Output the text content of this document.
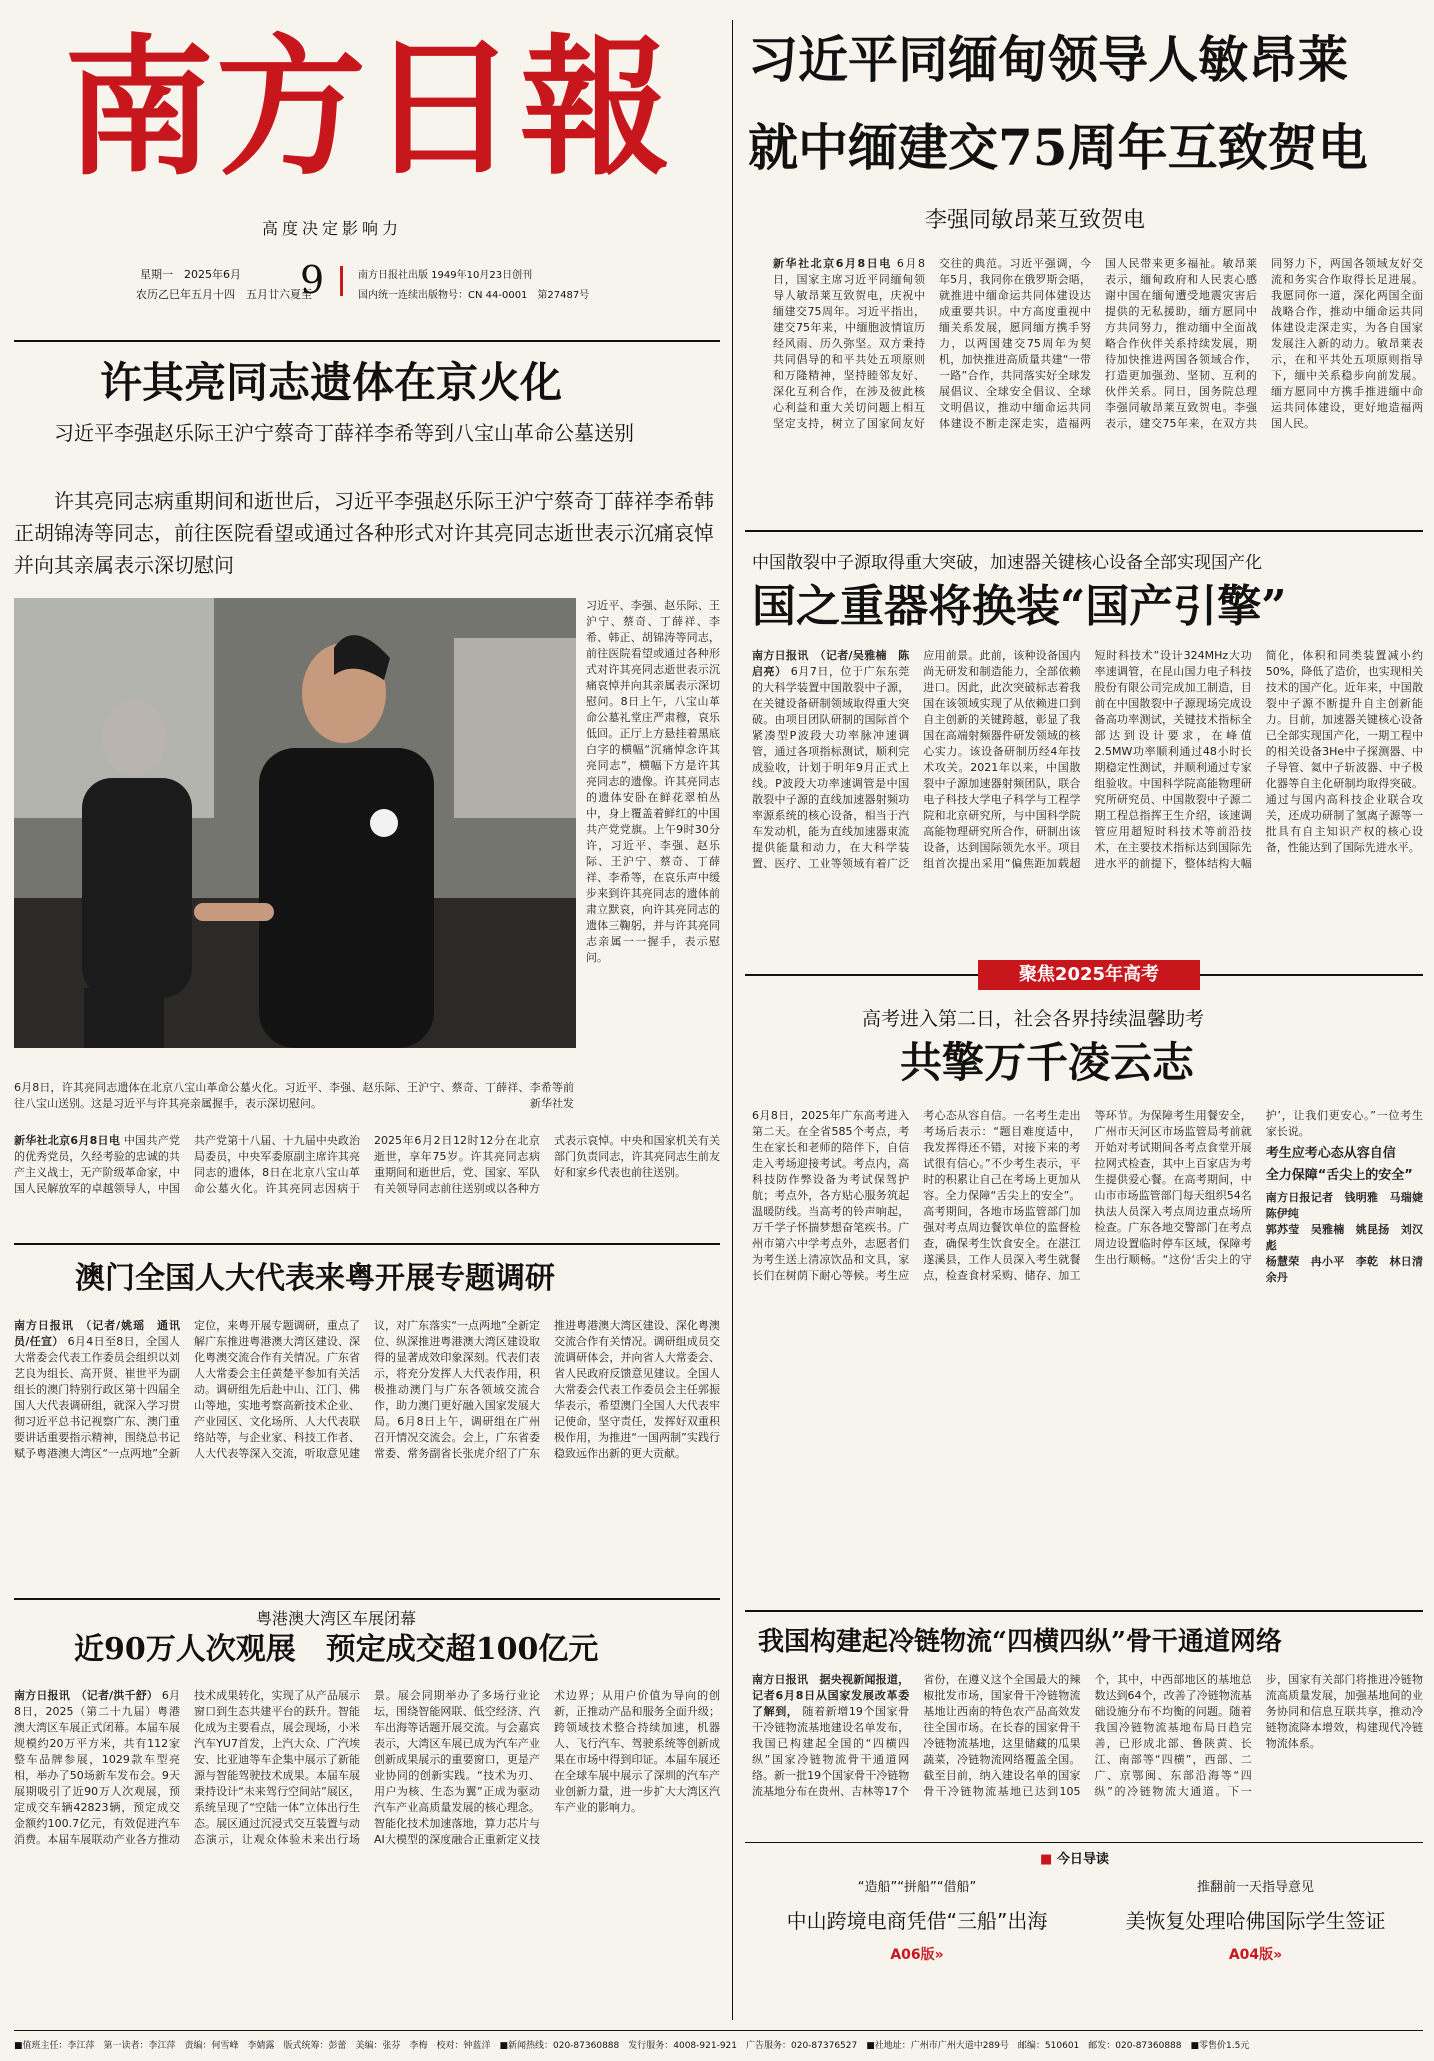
南方日報
高度决定影响力
星期一　2025年6月
农历乙巳年五月十四　五月廿六夏至
9	南方日报社出版 1949年10月23日创刊
国内统一连续出版物号：CN 44-0001　第27487号
习近平同缅甸领导人敏昂莱
就中缅建交75周年互致贺电
李强同敏昂莱互致贺电
新华社北京6月8日电 6月8日，国家主席习近平同缅甸领导人敏昂莱互致贺电，庆祝中缅建交75周年。习近平指出，建交75年来，中缅胞波情谊历经风雨、历久弥坚。双方秉持共同倡导的和平共处五项原则和万隆精神，坚持睦邻友好、深化互利合作，在涉及彼此核心利益和重大关切问题上相互坚定支持，树立了国家间友好交往的典范。习近平强调，今年5月，我同你在俄罗斯会晤，就推进中缅命运共同体建设达成重要共识。中方高度重视中缅关系发展，愿同缅方携手努力，以两国建交75周年为契机，加快推进高质量共建“一带一路”合作，共同落实好全球发展倡议、全球安全倡议、全球文明倡议，推动中缅命运共同体建设不断走深走实，造福两国人民带来更多福祉。敏昂莱表示，缅甸政府和人民衷心感谢中国在缅甸遭受地震灾害后提供的无私援助，缅方愿同中方共同努力，推动缅中全面战略合作伙伴关系持续发展，期待加快推进两国各领域合作，打造更加强劲、坚韧、互利的伙伴关系。同日，国务院总理李强同敏昂莱互致贺电。李强表示，建交75年来，在双方共同努力下，两国各领域友好交流和务实合作取得长足进展。我愿同你一道，深化两国全面战略合作，推动中缅命运共同体建设走深走实，为各自国家发展注入新的动力。敏昂莱表示，在和平共处五项原则指导下，缅中关系稳步向前发展。缅方愿同中方携手推进缅中命运共同体建设，更好地造福两国人民。
许其亮同志遗体在京火化
习近平李强赵乐际王沪宁蔡奇丁薛祥李希等到八宝山革命公墓送别
许其亮同志病重期间和逝世后，习近平李强赵乐际王沪宁蔡奇丁薛祥李希韩正胡锦涛等同志，前往医院看望或通过各种形式对许其亮同志逝世表示沉痛哀悼并向其亲属表示深切慰问
习近平、李强、赵乐际、王沪宁、蔡奇、丁薛祥、李希、韩正、胡锦涛等同志，前往医院看望或通过各种形式对许其亮同志逝世表示沉痛哀悼并向其亲属表示深切慰问。8日上午，八宝山革命公墓礼堂庄严肃穆，哀乐低回。正厅上方悬挂着黑底白字的横幅“沉痛悼念许其亮同志”，横幅下方是许其亮同志的遗像。许其亮同志的遗体安卧在鲜花翠柏丛中，身上覆盖着鲜红的中国共产党党旗。上午9时30分许，习近平、李强、赵乐际、王沪宁、蔡奇、丁薛祥、李希等，在哀乐声中缓步来到许其亮同志的遗体前肃立默哀，向许其亮同志的遗体三鞠躬，并与许其亮同志亲属一一握手，表示慰问。
6月8日，许其亮同志遗体在北京八宝山革命公墓火化。习近平、李强、赵乐际、王沪宁、蔡奇、丁薛祥、李希等前往八宝山送别。这是习近平与许其亮亲属握手，表示深切慰问。	新华社发
新华社北京6月8日电 中国共产党的优秀党员，久经考验的忠诚的共产主义战士，无产阶级革命家，中国人民解放军的卓越领导人，中国共产党第十八届、十九届中央政治局委员，中央军委原副主席许其亮同志的遗体，8日在北京八宝山革命公墓火化。许其亮同志因病于2025年6月2日12时12分在北京逝世，享年75岁。许其亮同志病重期间和逝世后，党、国家、军队有关领导同志前往送别或以各种方式表示哀悼。中央和国家机关有关部门负责同志，许其亮同志生前友好和家乡代表也前往送别。
澳门全国人大代表来粤开展专题调研
南方日报讯　（记者/姚瑶　通讯员/任宣） 6月4日至8日，全国人大常委会代表工作委员会组织以刘艺良为组长、高开贤、崔世平为副组长的澳门特别行政区第十四届全国人大代表调研组，就深入学习贯彻习近平总书记视察广东、澳门重要讲话重要指示精神，围绕总书记赋予粤港澳大湾区“一点两地”全新定位，来粤开展专题调研，重点了解广东推进粤港澳大湾区建设、深化粤澳交流合作有关情况。广东省人大常委会主任黄楚平参加有关活动。调研组先后赴中山、江门、佛山等地，实地考察高新技术企业、产业园区、文化场所、人大代表联络站等，与企业家、科技工作者、人大代表等深入交流，听取意见建议，对广东落实“一点两地”全新定位、纵深推进粤港澳大湾区建设取得的显著成效印象深刻。代表们表示，将充分发挥人大代表作用，积极推动澳门与广东各领域交流合作，助力澳门更好融入国家发展大局。6月8日上午，调研组在广州召开情况交流会。会上，广东省委常委、常务副省长张虎介绍了广东推进粤港澳大湾区建设、深化粤澳交流合作有关情况。调研组成员交流调研体会，并向省人大常委会、省人民政府反馈意见建议。全国人大常委会代表工作委员会主任郭振华表示，希望澳门全国人大代表牢记使命，坚守责任，发挥好双重积极作用，为推进“一国两制”实践行稳致远作出新的更大贡献。
粤港澳大湾区车展闭幕
近90万人次观展　预定成交超100亿元
南方日报讯　（记者/洪千舒） 6月8日，2025（第二十九届）粤港澳大湾区车展正式闭幕。本届车展规模约20万平方米，共有112家整车品牌参展，1029款车型亮相，举办了50场新车发布会。9天展期吸引了近90万人次观展，预定成交车辆42823辆，预定成交金额约100.7亿元，有效促进汽车消费。本届车展联动产业各方推动技术成果转化，实现了从产品展示窗口到生态共建平台的跃升。智能化成为主要看点，展会现场，小米汽车YU7首发，上汽大众、广汽埃安、比亚迪等车企集中展示了新能源与智能驾驶技术成果。本届车展秉持设计“未来驾行空间站”展区，系统呈现了“空陆一体”立体出行生态。展区通过沉浸式交互装置与动态演示，让观众体验未来出行场景。展会同期举办了多场行业论坛，围绕智能网联、低空经济、汽车出海等话题开展交流。与会嘉宾表示，大湾区车展已成为汽车产业创新成果展示的重要窗口，更是产业协同的创新实践。“技术为刃、用户为核、生态为翼”正成为驱动汽车产业高质量发展的核心理念。智能化技术加速落地，算力芯片与AI大模型的深度融合正重新定义技术边界；从用户价值为导向的创新，正推动产品和服务全面升级；跨领域技术整合持续加速，机器人、飞行汽车、驾驶系统等创新成果在市场中得到印证。本届车展还在全球车展中展示了深圳的汽车产业创新力量，进一步扩大大湾区汽车产业的影响力。
中国散裂中子源取得重大突破，加速器关键核心设备全部实现国产化
国之重器将换装“国产引擎”
南方日报讯　（记者/吴雅楠　陈启亮） 6月7日，位于广东东莞的大科学装置中国散裂中子源，在关键设备研制领域取得重大突破。由项目团队研制的国际首个紧凑型P波段大功率脉冲速调管，通过各项指标测试，顺利完成验收，计划于明年9月正式上线。P波段大功率速调管是中国散裂中子源的直线加速器射频功率源系统的核心设备，相当于汽车发动机，能为直线加速器束流提供能量和动力，在大科学装置、医疗、工业等领域有着广泛应用前景。此前，该种设备国内尚无研发和制造能力，全部依赖进口。因此，此次突破标志着我国在该领域实现了从依赖进口到自主创新的关键跨越，彰显了我国在高端射频器件研发领域的核心实力。该设备研制历经4年技术攻关。2021年以来，中国散裂中子源加速器射频团队，联合电子科技大学电子科学与工程学院和北京研究所，与中国科学院高能物理研究所合作，研制出该设备，达到国际领先水平。项目组首次提出采用“偏焦距加载超短时科技术”设计324MHz大功率速调管，在昆山国力电子科技股份有限公司完成加工制造，目前在中国散裂中子源现场完成设备高功率测试，关键技术指标全部达到设计要求，在峰值2.5MW功率顺利通过48小时长期稳定性测试，并顺利通过专家组验收。中国科学院高能物理研究所研究员、中国散裂中子源二期工程总指挥王生介绍，该速调管应用超短时科技术等前沿技术，在主要技术指标达到国际先进水平的前提下，整体结构大幅简化，体积和同类装置减小约50%，降低了造价，也实现相关技术的国产化。近年来，中国散裂中子源不断提升自主创新能力。目前，加速器关键核心设备已全部实现国产化，一期工程中的相关设备3He中子探测器、中子导管、氦中子斩波器、中子极化器等自主化研制均取得突破。通过与国内高科技企业联合攻关，还成功研制了氢离子源等一批具有自主知识产权的核心设备，性能达到了国际先进水平。
聚焦2025年高考
高考进入第二日，社会各界持续温馨助考
共擎万千凌云志
6月8日，2025年广东高考进入第二天。在全省585个考点，考生在家长和老师的陪伴下，自信走入考场迎接考试。考点内，高科技防作弊设备为考试保驾护航；考点外，各方贴心服务筑起温暖防线。当高考的铃声响起，万千学子怀揣梦想奋笔疾书。广州市第六中学考点外，志愿者们为考生送上清凉饮品和文具，家长们在树荫下耐心等候。考生应考心态从容自信。一名考生走出考场后表示：“题目难度适中，我发挥得还不错，对接下来的考试很有信心。”不少考生表示，平时的积累让自己在考场上更加从容。全力保障“舌尖上的安全”。高考期间，各地市场监管部门加强对考点周边餐饮单位的监督检查，确保考生饮食安全。在湛江遂溪县，工作人员深入考生就餐点，检查食材采购、储存、加工等环节。为保障考生用餐安全，广州市天河区市场监管局考前就开始对考试期间各考点食堂开展拉网式检查，其中上百家店为考生提供爱心餐。在高考期间，中山市市场监管部门每天组织54名执法人员深入考点周边重点场所检查。广东各地交警部门在考点周边设置临时停车区域，保障考生出行顺畅。“这份‘舌尖上的守护’，让我们更安心。”一位考生家长说。
考生应考心态从容自信
全力保障“舌尖上的安全”
南方日报记者　钱明雅　马瑞婕　陈伊纯
郭苏莹　吴雅楠　姚昆扬　刘汉彪
杨慧荣　冉小平　李乾　林日清　余丹
我国构建起冷链物流“四横四纵”骨干通道网络
南方日报讯　据央视新闻报道，记者6月8日从国家发展改革委了解到， 随着新增19个国家骨干冷链物流基地建设名单发布，我国已构建起全国的“四横四纵”国家冷链物流骨干通道网络。新一批19个国家骨干冷链物流基地分布在贵州、吉林等17个省份，在遵义这个全国最大的辣椒批发市场，国家骨干冷链物流基地让西南的特色农产品高效发往全国市场。在长春的国家骨干冷链物流基地，这里储藏的瓜果蔬菜，冷链物流网络覆盖全国。截至目前，纳入建设名单的国家骨干冷链物流基地已达到105个，其中，中西部地区的基地总数达到64个，改善了冷链物流基础设施分布不均衡的问题。随着我国冷链物流基地布局日趋完善，已形成北部、鲁陕黄、长江、南部等“四横”，西部、二广、京鄂闽、东部沿海等“四纵”的冷链物流大通道。下一步，国家有关部门将推进冷链物流高质量发展，加强基地间的业务协同和信息互联共享，推动冷链物流降本增效，构建现代冷链物流体系。
■ 今日导读
“造船”“拼船”“借船”
中山跨境电商凭借“三船”出海
A06版»
推翻前一天指导意见
美恢复处理哈佛国际学生签证
A04版»
■值班主任：李江萍　第一读者：李江萍　责编：何雪峰　李婧露　版式统筹：彭蕾　美编：张芬　李梅　校对：钟蓝洋　■新闻热线：020-87360888　发行服务：4008-921-921　广告服务：020-87376527　■社地址：广州市广州大道中289号　邮编：510601　邮发：020-87360888　■零售价1.5元
